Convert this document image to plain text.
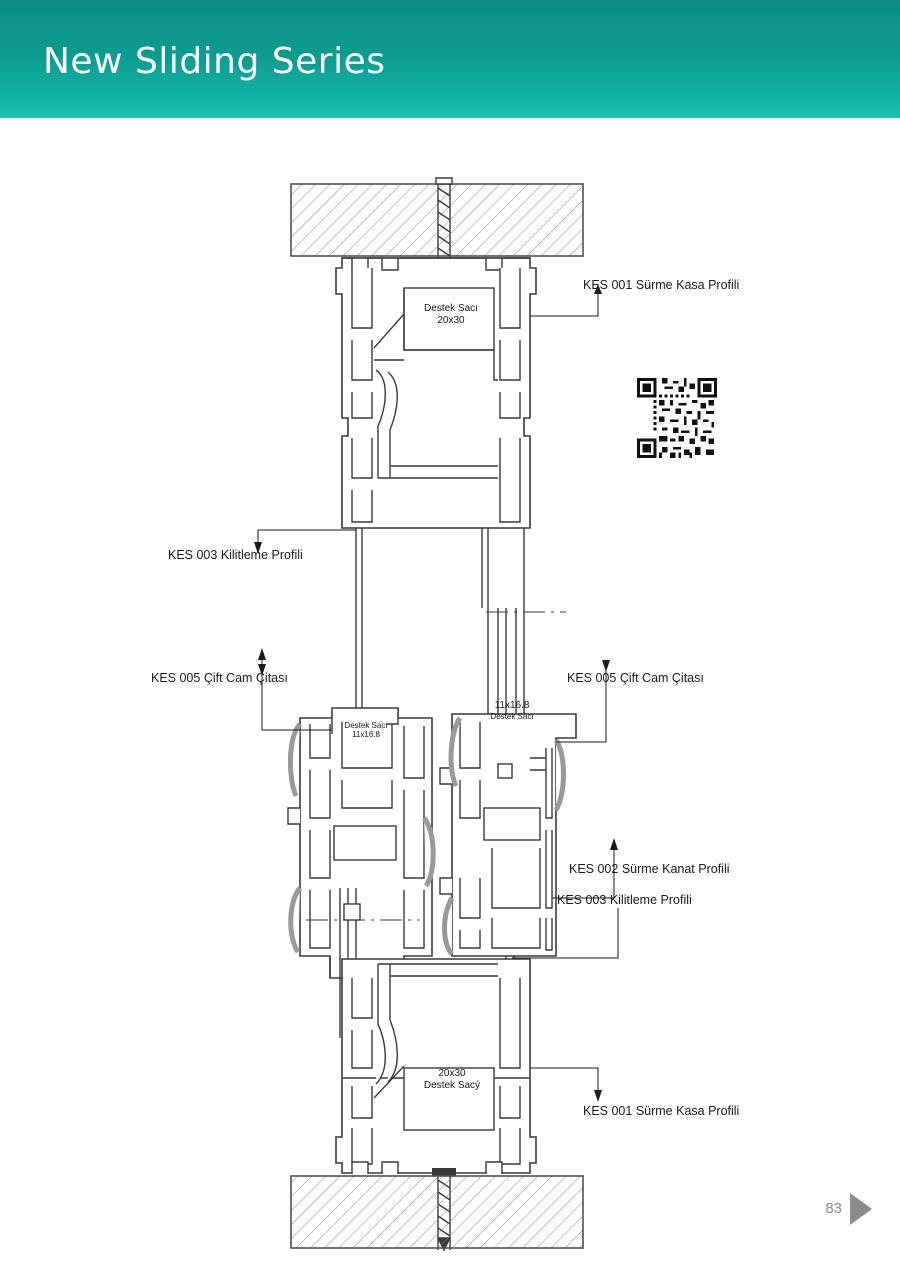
New Sliding Series
KES 001 Sürme Kasa Profili
KES 003 Kilitleme Profili
KES 005 Çift Cam Çitası	KES 005 Çift Cam Çitası
KES 002 Sürme Kanat Profili
KES 003 Kilitleme Profili
KES 001 Sürme Kasa Profili
Destek Sacı
20x30
Destek Sacı
11x16.8
11x16.8
Destek Sacı
20x30
Destek Sacý
83
